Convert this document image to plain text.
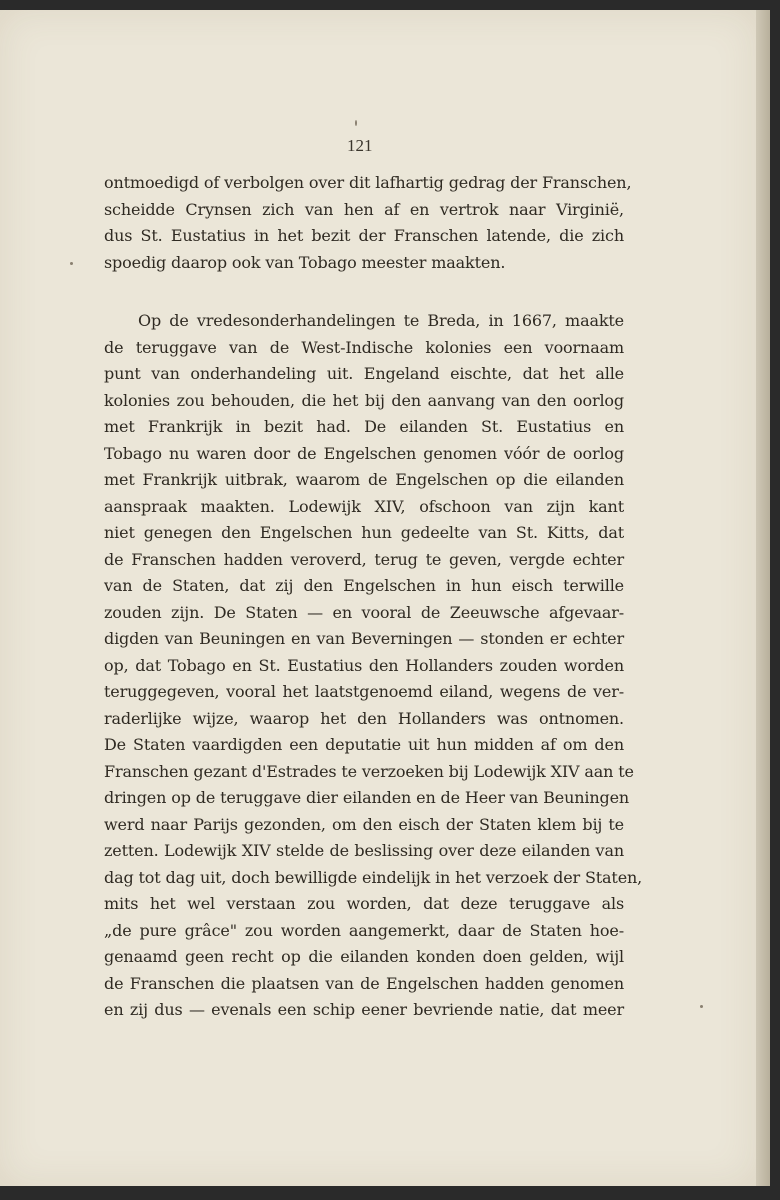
121
ontmoedigd of verbolgen over dit lafhartig gedrag der Franschen,
scheidde Crynsen zich van hen af en vertrok naar Virginië,
dus St. Eustatius in het bezit der Franschen latende, die zich
spoedig daarop ook van Tobago meester maakten.
Op de vredesonderhandelingen te Breda, in 1667, maakte
de teruggave van de West-Indische kolonies een voornaam
punt van onderhandeling uit. Engeland eischte, dat het alle
kolonies zou behouden, die het bij den aanvang van den oorlog
met Frankrijk in bezit had. De eilanden St. Eustatius en
Tobago nu waren door de Engelschen genomen vóór de oorlog
met Frankrijk uitbrak, waarom de Engelschen op die eilanden
aanspraak maakten. Lodewijk XIV, ofschoon van zijn kant
niet genegen den Engelschen hun gedeelte van St. Kitts, dat
de Franschen hadden veroverd, terug te geven, vergde echter
van de Staten, dat zij den Engelschen in hun eisch terwille
zouden zijn. De Staten — en vooral de Zeeuwsche afgevaar-
digden van Beuningen en van Beverningen — stonden er echter
op, dat Tobago en St. Eustatius den Hollanders zouden worden
teruggegeven, vooral het laatstgenoemd eiland, wegens de ver-
raderlijke wijze, waarop het den Hollanders was ontnomen.
De Staten vaardigden een deputatie uit hun midden af om den
Franschen gezant d'Estrades te verzoeken bij Lodewijk XIV aan te
dringen op de teruggave dier eilanden en de Heer van Beuningen
werd naar Parijs gezonden, om den eisch der Staten klem bij te
zetten. Lodewijk XIV stelde de beslissing over deze eilanden van
dag tot dag uit, doch bewilligde eindelijk in het verzoek der Staten,
mits het wel verstaan zou worden, dat deze teruggave als
„de pure grâce" zou worden aangemerkt, daar de Staten hoe-
genaamd geen recht op die eilanden konden doen gelden, wijl
de Franschen die plaatsen van de Engelschen hadden genomen
en zij dus — evenals een schip eener bevriende natie, dat meer
